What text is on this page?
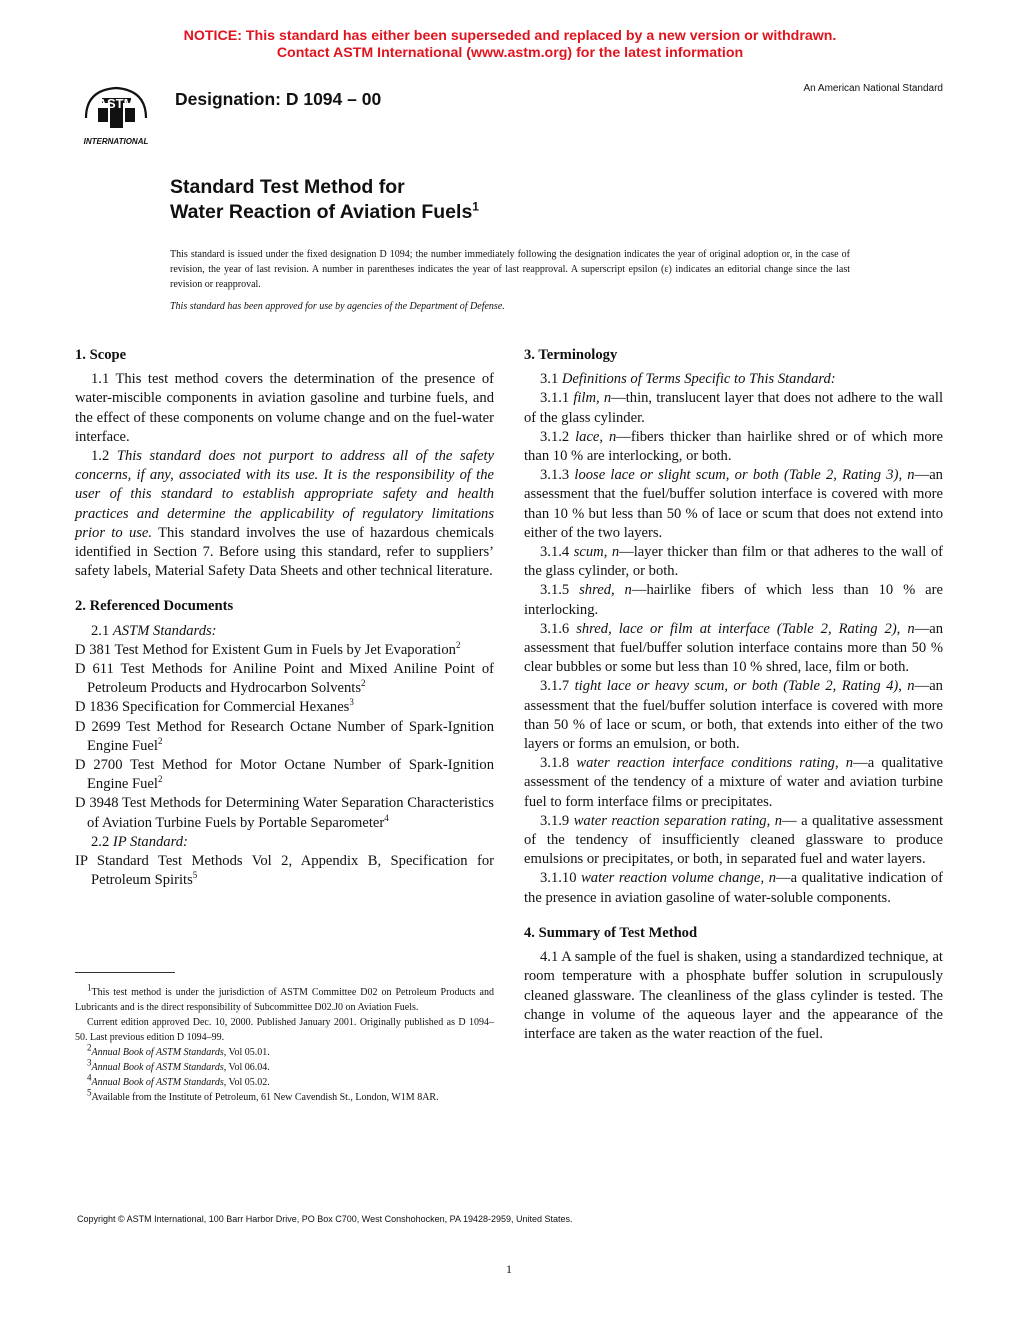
NOTICE: This standard has either been superseded and replaced by a new version or withdrawn.
Contact ASTM International (www.astm.org) for the latest information
ASTM
INTERNATIONAL
Designation: D 1094 – 00
An American National Standard
Standard Test Method for
Water Reaction of Aviation Fuels$^1$
This standard is issued under the fixed designation D 1094; the number immediately following the designation indicates the year of original adoption or, in the case of revision, the year of last revision. A number in parentheses indicates the year of last reapproval. A superscript epsilon (ε) indicates an editorial change since the last revision or reapproval.
This standard has been approved for use by agencies of the Department of Defense.

1. Scope

1.1 This test method covers the determination of the presence of water-miscible components in aviation gasoline and turbine fuels, and the effect of these components on volume change and on the fuel-water interface.

1.2 This standard does not purport to address all of the safety concerns, if any, associated with its use. It is the responsibility of the user of this standard to establish appropriate safety and health practices and determine the applicability of regulatory limitations prior to use. This standard involves the use of hazardous chemicals identified in Section 7. Before using this standard, refer to suppliers’ safety labels, Material Safety Data Sheets and other technical literature.

2. Referenced Documents

2.1 ASTM Standards:

D 381 Test Method for Existent Gum in Fuels by Jet Evaporation$^2$

D 611 Test Methods for Aniline Point and Mixed Aniline Point of Petroleum Products and Hydrocarbon Solvents$^2$

D 1836 Specification for Commercial Hexanes$^3$

D 2699 Test Method for Research Octane Number of Spark-Ignition Engine Fuel$^2$

D 2700 Test Method for Motor Octane Number of Spark-Ignition Engine Fuel$^2$

D 3948 Test Methods for Determining Water Separation Characteristics of Aviation Turbine Fuels by Portable Separometer$^4$

2.2 IP Standard:

IP Standard Test Methods Vol 2, Appendix B, Specification for Petroleum Spirits$^5$

$^1$This test method is under the jurisdiction of ASTM Committee D02 on Petroleum Products and Lubricants and is the direct responsibility of Subcommittee D02.J0 on Aviation Fuels.

Current edition approved Dec. 10, 2000. Published January 2001. Originally published as D 1094–50. Last previous edition D 1094–99.

$^2$Annual Book of ASTM Standards, Vol 05.01.

$^3$Annual Book of ASTM Standards, Vol 06.04.

$^4$Annual Book of ASTM Standards, Vol 05.02.

$^5$Available from the Institute of Petroleum, 61 New Cavendish St., London, W1M 8AR.

3. Terminology

3.1 Definitions of Terms Specific to This Standard:

3.1.1 film, n—thin, translucent layer that does not adhere to the wall of the glass cylinder.

3.1.2 lace, n—fibers thicker than hairlike shred or of which more than 10 % are interlocking, or both.

3.1.3 loose lace or slight scum, or both (Table 2, Rating 3), n—an assessment that the fuel/buffer solution interface is covered with more than 10 % but less than 50 % of lace or scum that does not extend into either of the two layers.

3.1.4 scum, n—layer thicker than film or that adheres to the wall of the glass cylinder, or both.

3.1.5 shred, n—hairlike fibers of which less than 10 % are interlocking.

3.1.6 shred, lace or film at interface (Table 2, Rating 2), n—an assessment that fuel/buffer solution interface contains more than 50 % clear bubbles or some but less than 10 % shred, lace, film or both.

3.1.7 tight lace or heavy scum, or both (Table 2, Rating 4), n—an assessment that the fuel/buffer solution interface is covered with more than 50 % of lace or scum, or both, that extends into either of the two layers or forms an emulsion, or both.

3.1.8 water reaction interface conditions rating, n—a qualitative assessment of the tendency of a mixture of water and aviation turbine fuel to form interface films or precipitates.

3.1.9 water reaction separation rating, n— a qualitative assessment of the tendency of insufficiently cleaned glassware to produce emulsions or precipitates, or both, in separated fuel and water layers.

3.1.10 water reaction volume change, n—a qualitative indication of the presence in aviation gasoline of water-soluble components.

4. Summary of Test Method

4.1 A sample of the fuel is shaken, using a standardized technique, at room temperature with a phosphate buffer solution in scrupulously cleaned glassware. The cleanliness of the glass cylinder is tested. The change in volume of the aqueous layer and the appearance of the interface are taken as the water reaction of the fuel.

Copyright © ASTM International, 100 Barr Harbor Drive, PO Box C700, West Conshohocken, PA 19428-2959, United States.
1
